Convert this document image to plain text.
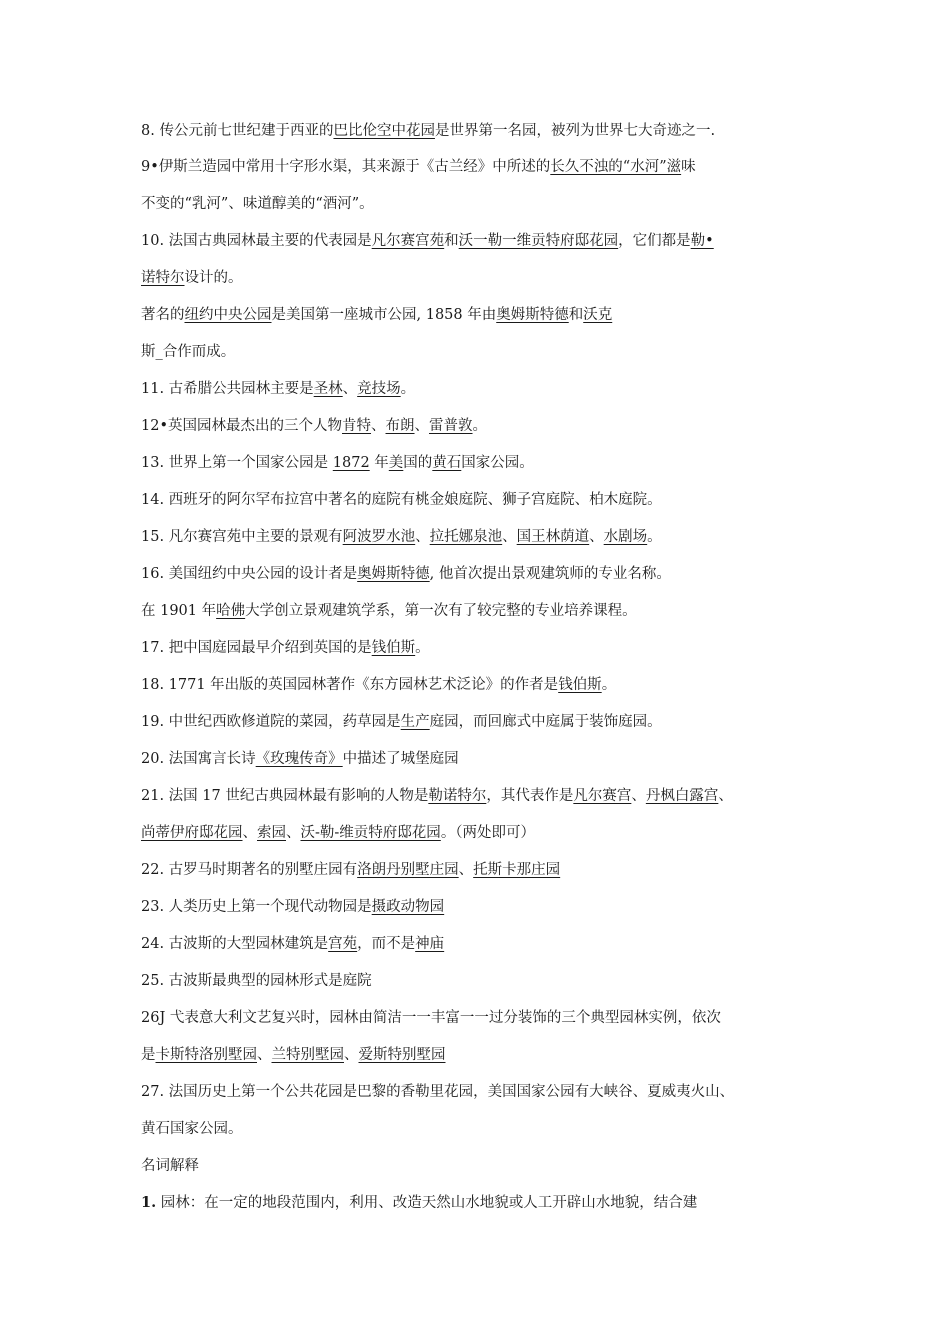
8. 传公元前七世纪建于西亚的巴比伦空中花园是世界第一名园，被列为世界七大奇迹之一.
9•伊斯兰造园中常用十字形水渠，其来源于《古兰经》中所述的长久不浊的“水河”滋味
不变的“乳河”、味道醇美的“酒河”。
10. 法国古典园林最主要的代表园是凡尔赛宫苑和沃一勒一维贡特府邸花园，它们都是勒•
诺特尔设计的。
著名的纽约中央公园是美国第一座城市公园, 1858 年由奥姆斯特德和沃克
斯_合作而成。
11. 古希腊公共园林主要是圣林、竞技场。
12•英国园林最杰出的三个人物肯特、布朗、雷普敦。
13. 世界上第一个国家公园是 1872 年美国的黄石国家公园。
14. 西班牙的阿尔罕布拉宫中著名的庭院有桃金娘庭院、狮子宫庭院、柏木庭院。
15. 凡尔赛宫苑中主要的景观有阿波罗水池、拉托娜泉池、国王林荫道、水剧场。
16. 美国纽约中央公园的设计者是奥姆斯特德, 他首次提出景观建筑师的专业名称。
在 1901 年哈佛大学创立景观建筑学系，第一次有了较完整的专业培养课程。
17. 把中国庭园最早介绍到英国的是钱伯斯。
18. 1771 年出版的英国园林著作《东方园林艺术泛论》的作者是钱伯斯。
19. 中世纪西欧修道院的菜园，药草园是生产庭园，而回廊式中庭属于装饰庭园。
20. 法国寓言长诗《玫瑰传奇》中描述了城堡庭园
21. 法国 17 世纪古典园林最有影响的人物是勒诺特尔，其代表作是凡尔赛宫、丹枫白露宫、
尚蒂伊府邸花园、索园、沃-勒-维贡特府邸花园。（两处即可）
22. 古罗马时期著名的别墅庄园有洛朗丹别墅庄园、托斯卡那庄园
23. 人类历史上第一个现代动物园是摄政动物园
24. 古波斯的大型园林建筑是宫苑，而不是神庙
25. 古波斯最典型的园林形式是庭院
26J 弋表意大利文艺复兴时，园林由简洁一一丰富一一过分装饰的三个典型园林实例，依次
是卡斯特洛别墅园、兰特别墅园、爱斯特别墅园
27. 法国历史上第一个公共花园是巴黎的香勒里花园，美国国家公园有大峡谷、夏威夷火山、
黄石国家公园。
名词解释
1. 园林：在一定的地段范围内，利用、改造天然山水地貌或人工开辟山水地貌，结合建
